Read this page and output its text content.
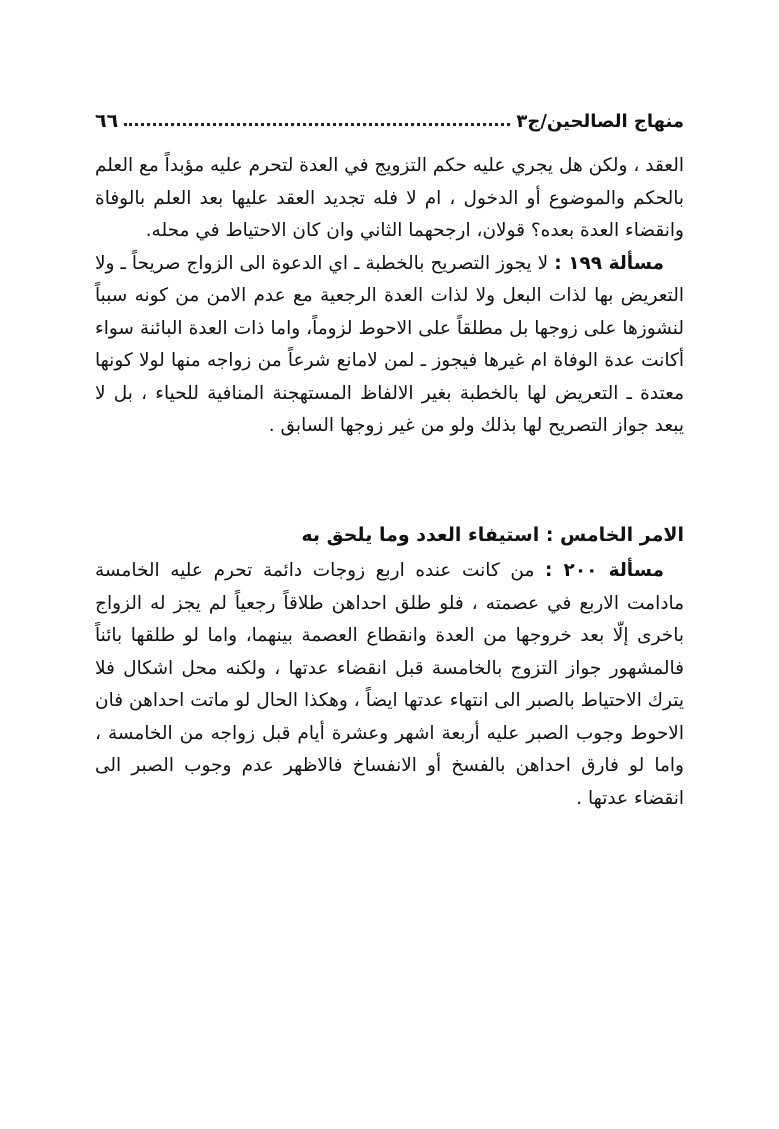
منهاج الصالحين/ج٣
٦٦

العقد ، ولكن هل يجري عليه حكم التزويج في العدة لتحرم عليه مؤبداً مع العلم بالحكم والموضوع أو الدخول ، ام لا فله تجديد العقد عليها بعد العلم بالوفاة وانقضاء العدة بعده؟ قولان، ارجحهما الثاني وان كان الاحتياط في محله.

مسألة ١٩٩ : لا يجوز التصريح بالخطبة ـ اي الدعوة الى الزواج صريحاً ـ ولا التعريض بها لذات البعل ولا لذات العدة الرجعية مع عدم الامن من كونه سبباً لنشوزها على زوجها بل مطلقاً على الاحوط لزوماً، واما ذات العدة البائنة سواء أكانت عدة الوفاة ام غيرها فيجوز ـ لمن لامانع شرعاً من زواجه منها لولا كونها معتدة ـ التعريض لها بالخطبة بغير الالفاظ المستهجنة المنافية للحياء ، بل لا يبعد جواز التصريح لها بذلك ولو من غير زوجها السابق .

الامر الخامس : استيفاء العدد وما يلحق به

مسألة ٢٠٠ : من كانت عنده اربع زوجات دائمة تحرم عليه الخامسة مادامت الاربع في عصمته ، فلو طلق احداهن طلاقاً رجعياً لم يجز له الزواج باخرى إلّا بعد خروجها من العدة وانقطاع العصمة بينهما، واما لو طلقها بائناً فالمشهور جواز التزوج بالخامسة قبل انقضاء عدتها ، ولكنه محل اشكال فلا يترك الاحتياط بالصبر الى انتهاء عدتها ايضاً ، وهكذا الحال لو ماتت احداهن فان الاحوط وجوب الصبر عليه أربعة اشهر وعشرة أيام قبل زواجه من الخامسة ، واما لو فارق احداهن بالفسخ أو الانفساخ فالاظهر عدم وجوب الصبر الى انقضاء عدتها .
